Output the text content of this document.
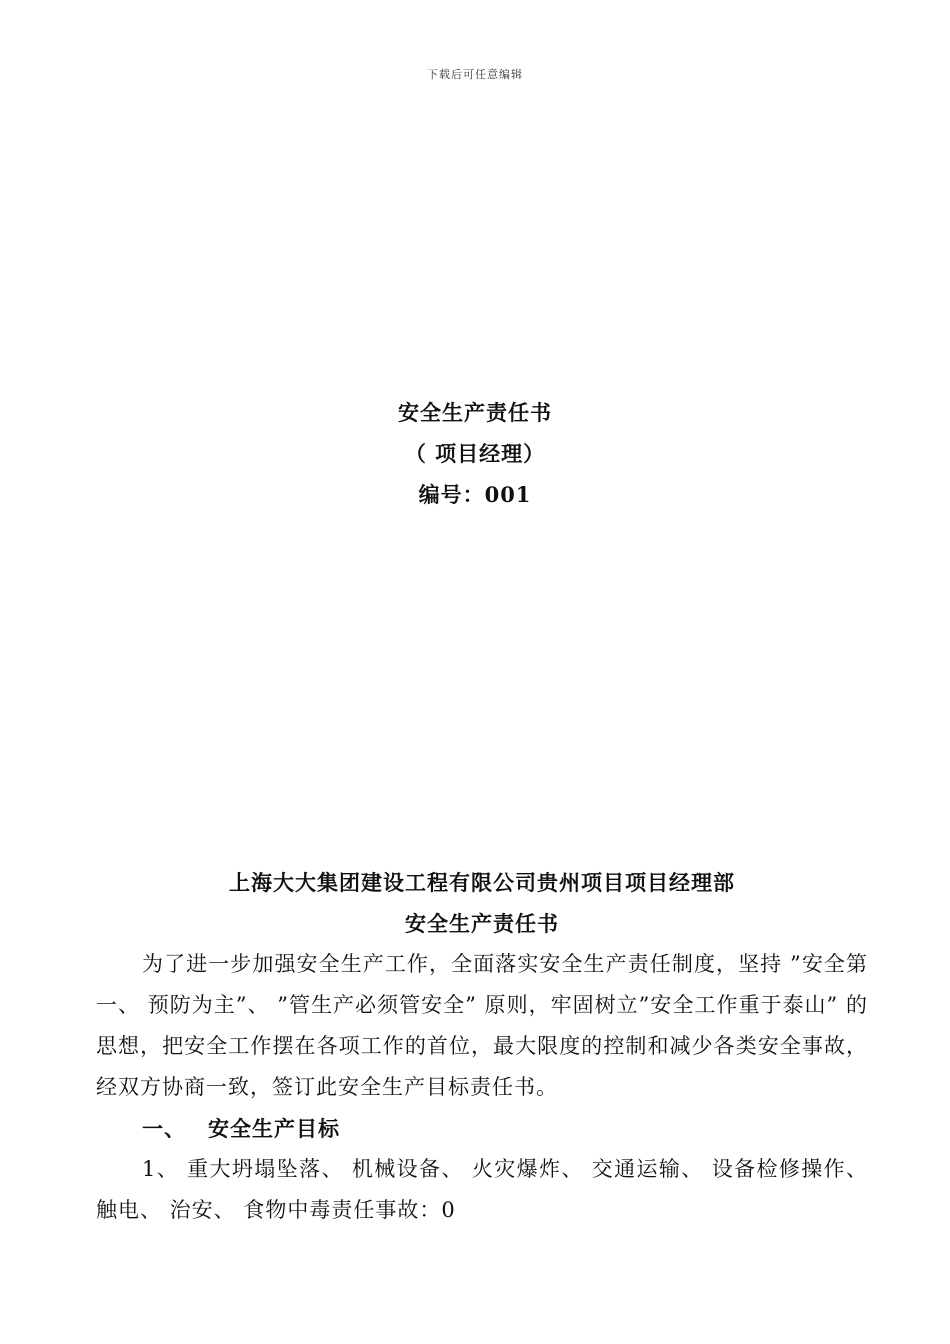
下载后可任意编辑
安全生产责任书
（ 项目经理）
编号：001
上海大大集团建设工程有限公司贵州项目项目经理部
安全生产责任书

为了进一步加强安全生产工作，全面落实安全生产责任制度，坚持 ”安全第一、 预防为主”、 ”管生产必须管安全” 原则，牢固树立”安全工作重于泰山” 的思想，把安全工作摆在各项工作的首位，最大限度的控制和减少各类安全事故，经双方协商一致，签订此安全生产目标责任书。

一、 安全生产目标

1、 重大坍塌坠落、 机械设备、 火灾爆炸、 交通运输、 设备检修操作、 触电、 治安、 食物中毒责任事故：0
